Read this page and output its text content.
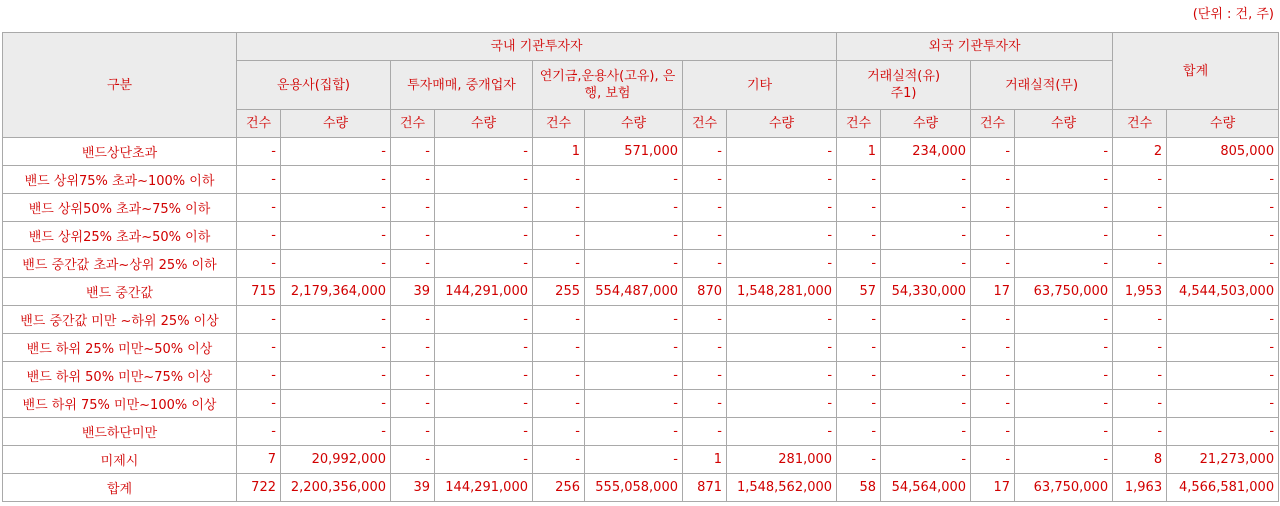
(단위 : 건, 주)
구분	국내 기관투자자								외국 기관투자자				합계	
	운용사(집합)		투자매매, 중개업자		연기금,운용사(고유), 은행, 보험		기타		거래실적(유) 주1)		거래실적(무)			
	건수	수량	건수	수량	건수	수량	건수	수량	건수	수량	건수	수량	건수	수량
밴드상단초과	-	-	-	-	1	571,000	-	-	1	234,000	-	-	2	805,000
밴드 상위75% 초과~100% 이하	-	-	-	-	-	-	-	-	-	-	-	-	-	-
밴드 상위50% 초과~75% 이하	-	-	-	-	-	-	-	-	-	-	-	-	-	-
밴드 상위25% 초과~50% 이하	-	-	-	-	-	-	-	-	-	-	-	-	-	-
밴드 중간값 초과~상위 25% 이하	-	-	-	-	-	-	-	-	-	-	-	-	-	-
밴드 중간값	715	2,179,364,000	39	144,291,000	255	554,487,000	870	1,548,281,000	57	54,330,000	17	63,750,000	1,953	4,544,503,000
밴드 중간값 미만 ~하위 25% 이상	-	-	-	-	-	-	-	-	-	-	-	-	-	-
밴드 하위 25% 미만~50% 이상	-	-	-	-	-	-	-	-	-	-	-	-	-	-
밴드 하위 50% 미만~75% 이상	-	-	-	-	-	-	-	-	-	-	-	-	-	-
밴드 하위 75% 미만~100% 이상	-	-	-	-	-	-	-	-	-	-	-	-	-	-
밴드하단미만	-	-	-	-	-	-	-	-	-	-	-	-	-	-
미제시	7	20,992,000	-	-	-	-	1	281,000	-	-	-	-	8	21,273,000
합계	722	2,200,356,000	39	144,291,000	256	555,058,000	871	1,548,562,000	58	54,564,000	17	63,750,000	1,963	4,566,581,000
